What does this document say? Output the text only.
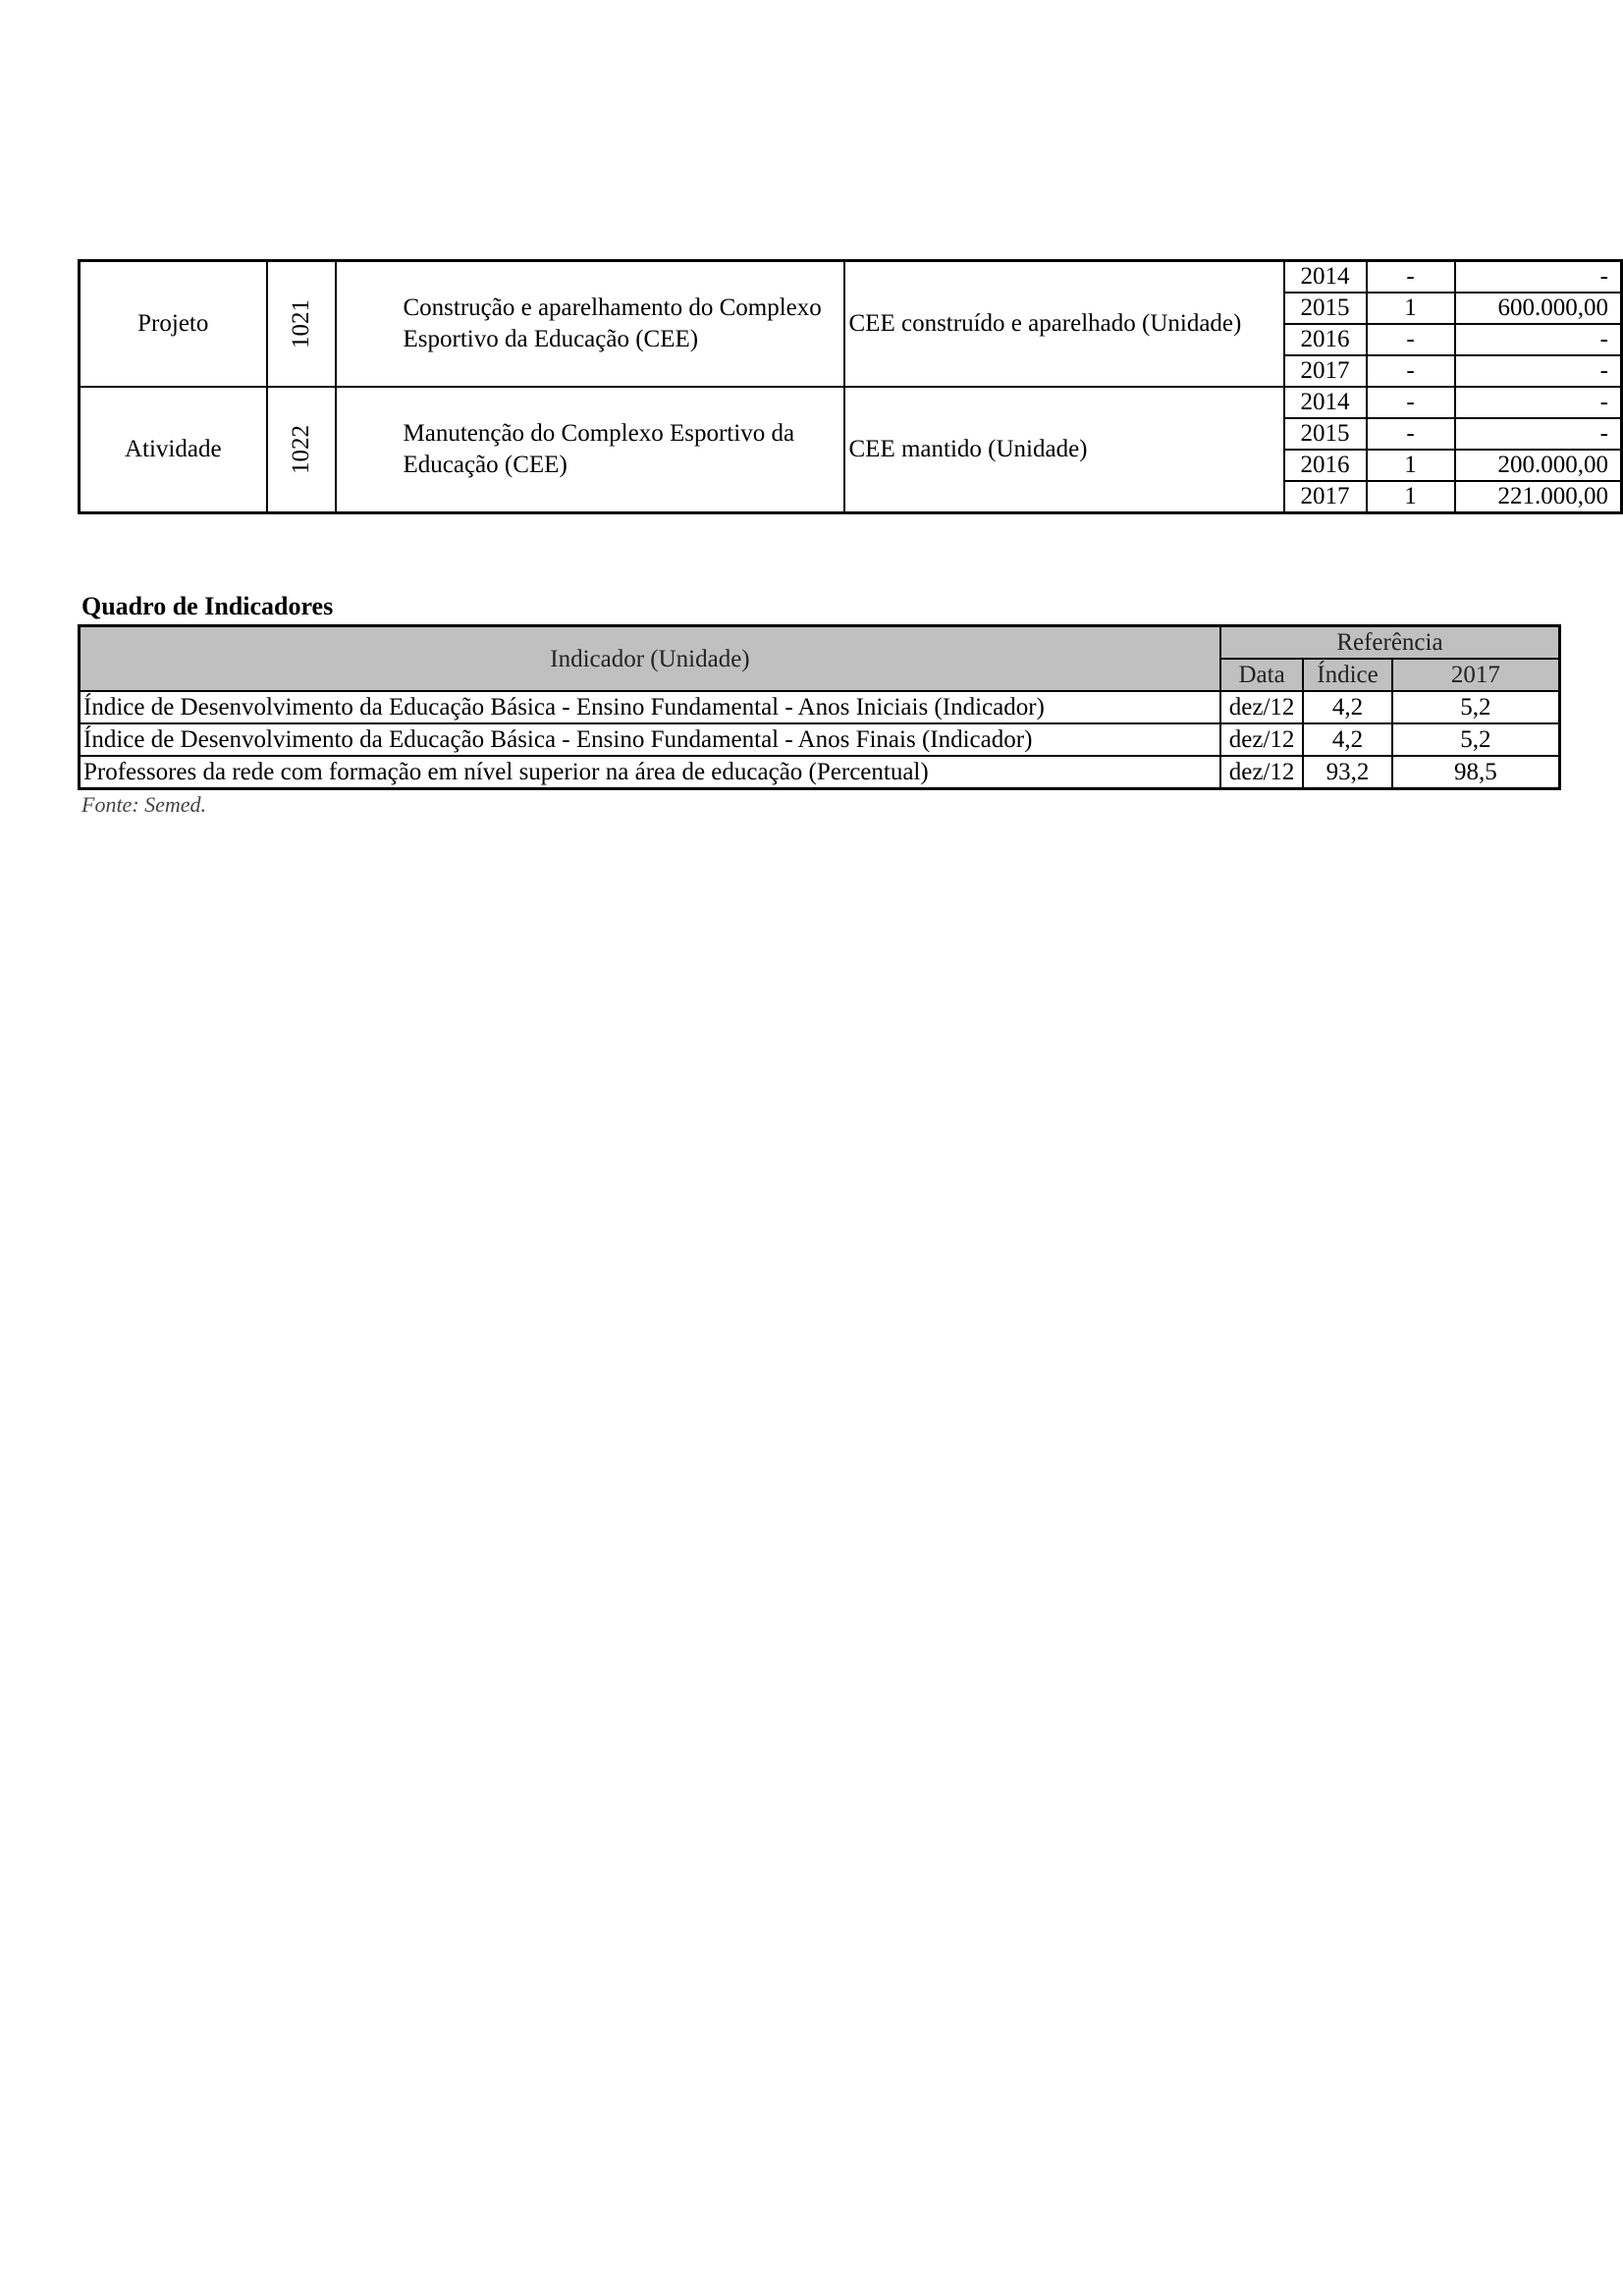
Projeto	1021	Construção e aparelhamento do Complexo Esportivo da Educação (CEE)	CEE construído e aparelhado (Unidade)	2014	-	-
				2015	1	600.000,00
				2016	-	-
				2017	-	-
Atividade	1022	Manutenção do Complexo Esportivo da Educação (CEE)	CEE mantido (Unidade)	2014	-	-
				2015	-	-
				2016	1	200.000,00
				2017	1	221.000,00
Quadro de Indicadores
Indicador (Unidade)	Referência		
	Data	Índice	2017
Índice de Desenvolvimento da Educação Básica - Ensino Fundamental - Anos Iniciais (Indicador)	dez/12	4,2	5,2
Índice de Desenvolvimento da Educação Básica - Ensino Fundamental - Anos Finais (Indicador)	dez/12	4,2	5,2
Professores da rede com formação em nível superior na área de educação (Percentual)	dez/12	93,2	98,5
Fonte: Semed.
